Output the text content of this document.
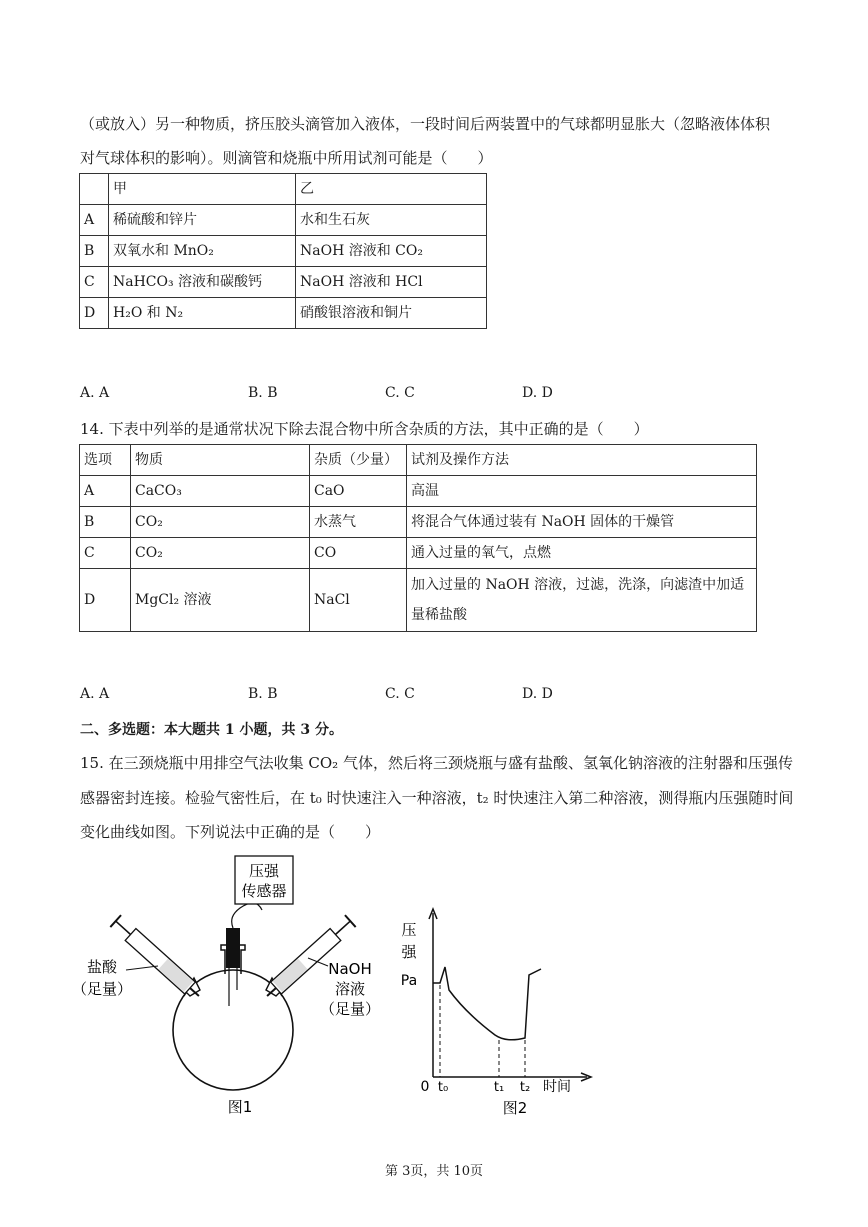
（或放入）另一种物质，挤压胶头滴管加入液体，一段时间后两装置中的气球都明显胀大（忽略液体体积
对气球体积的影响）。则滴管和烧瓶中所用试剂可能是（　　）
	甲	乙
A	稀硫酸和锌片	水和生石灰
B	双氧水和 MnO₂	NaOH 溶液和 CO₂
C	NaHCO₃ 溶液和碳酸钙	NaOH 溶液和 HCl
D	H₂O 和 N₂	硝酸银溶液和铜片
A. A	B. B	C. C	D. D
14. 下表中列举的是通常状况下除去混合物中所含杂质的方法，其中正确的是（　　）
选项	物质	杂质（少量）	试剂及操作方法
A	CaCO₃	CaO	高温
B	CO₂	水蒸气	将混合气体通过装有 NaOH 固体的干燥管
C	CO₂	CO	通入过量的氧气，点燃
D	MgCl₂ 溶液	NaCl	加入过量的 NaOH 溶液，过滤，洗涤，向滤渣中加适量稀盐酸
A. A	B. B	C. C	D. D
二、多选题：本大题共 1 小题，共 3 分。
15. 在三颈烧瓶中用排空气法收集 CO₂ 气体，然后将三颈烧瓶与盛有盐酸、氢氧化钠溶液的注射器和压强传
感器密封连接。检验气密性后，在 t₀ 时快速注入一种溶液，t₂ 时快速注入第二种溶液，测得瓶内压强随时间
变化曲线如图。下列说法中正确的是（　　）
压强
传感器
盐酸
（足量）
NaOH
溶液
（足量）
图1
压
强
Pa
0 t₀	t₁ t₂ 时间
图2
第 3页，共 10页
